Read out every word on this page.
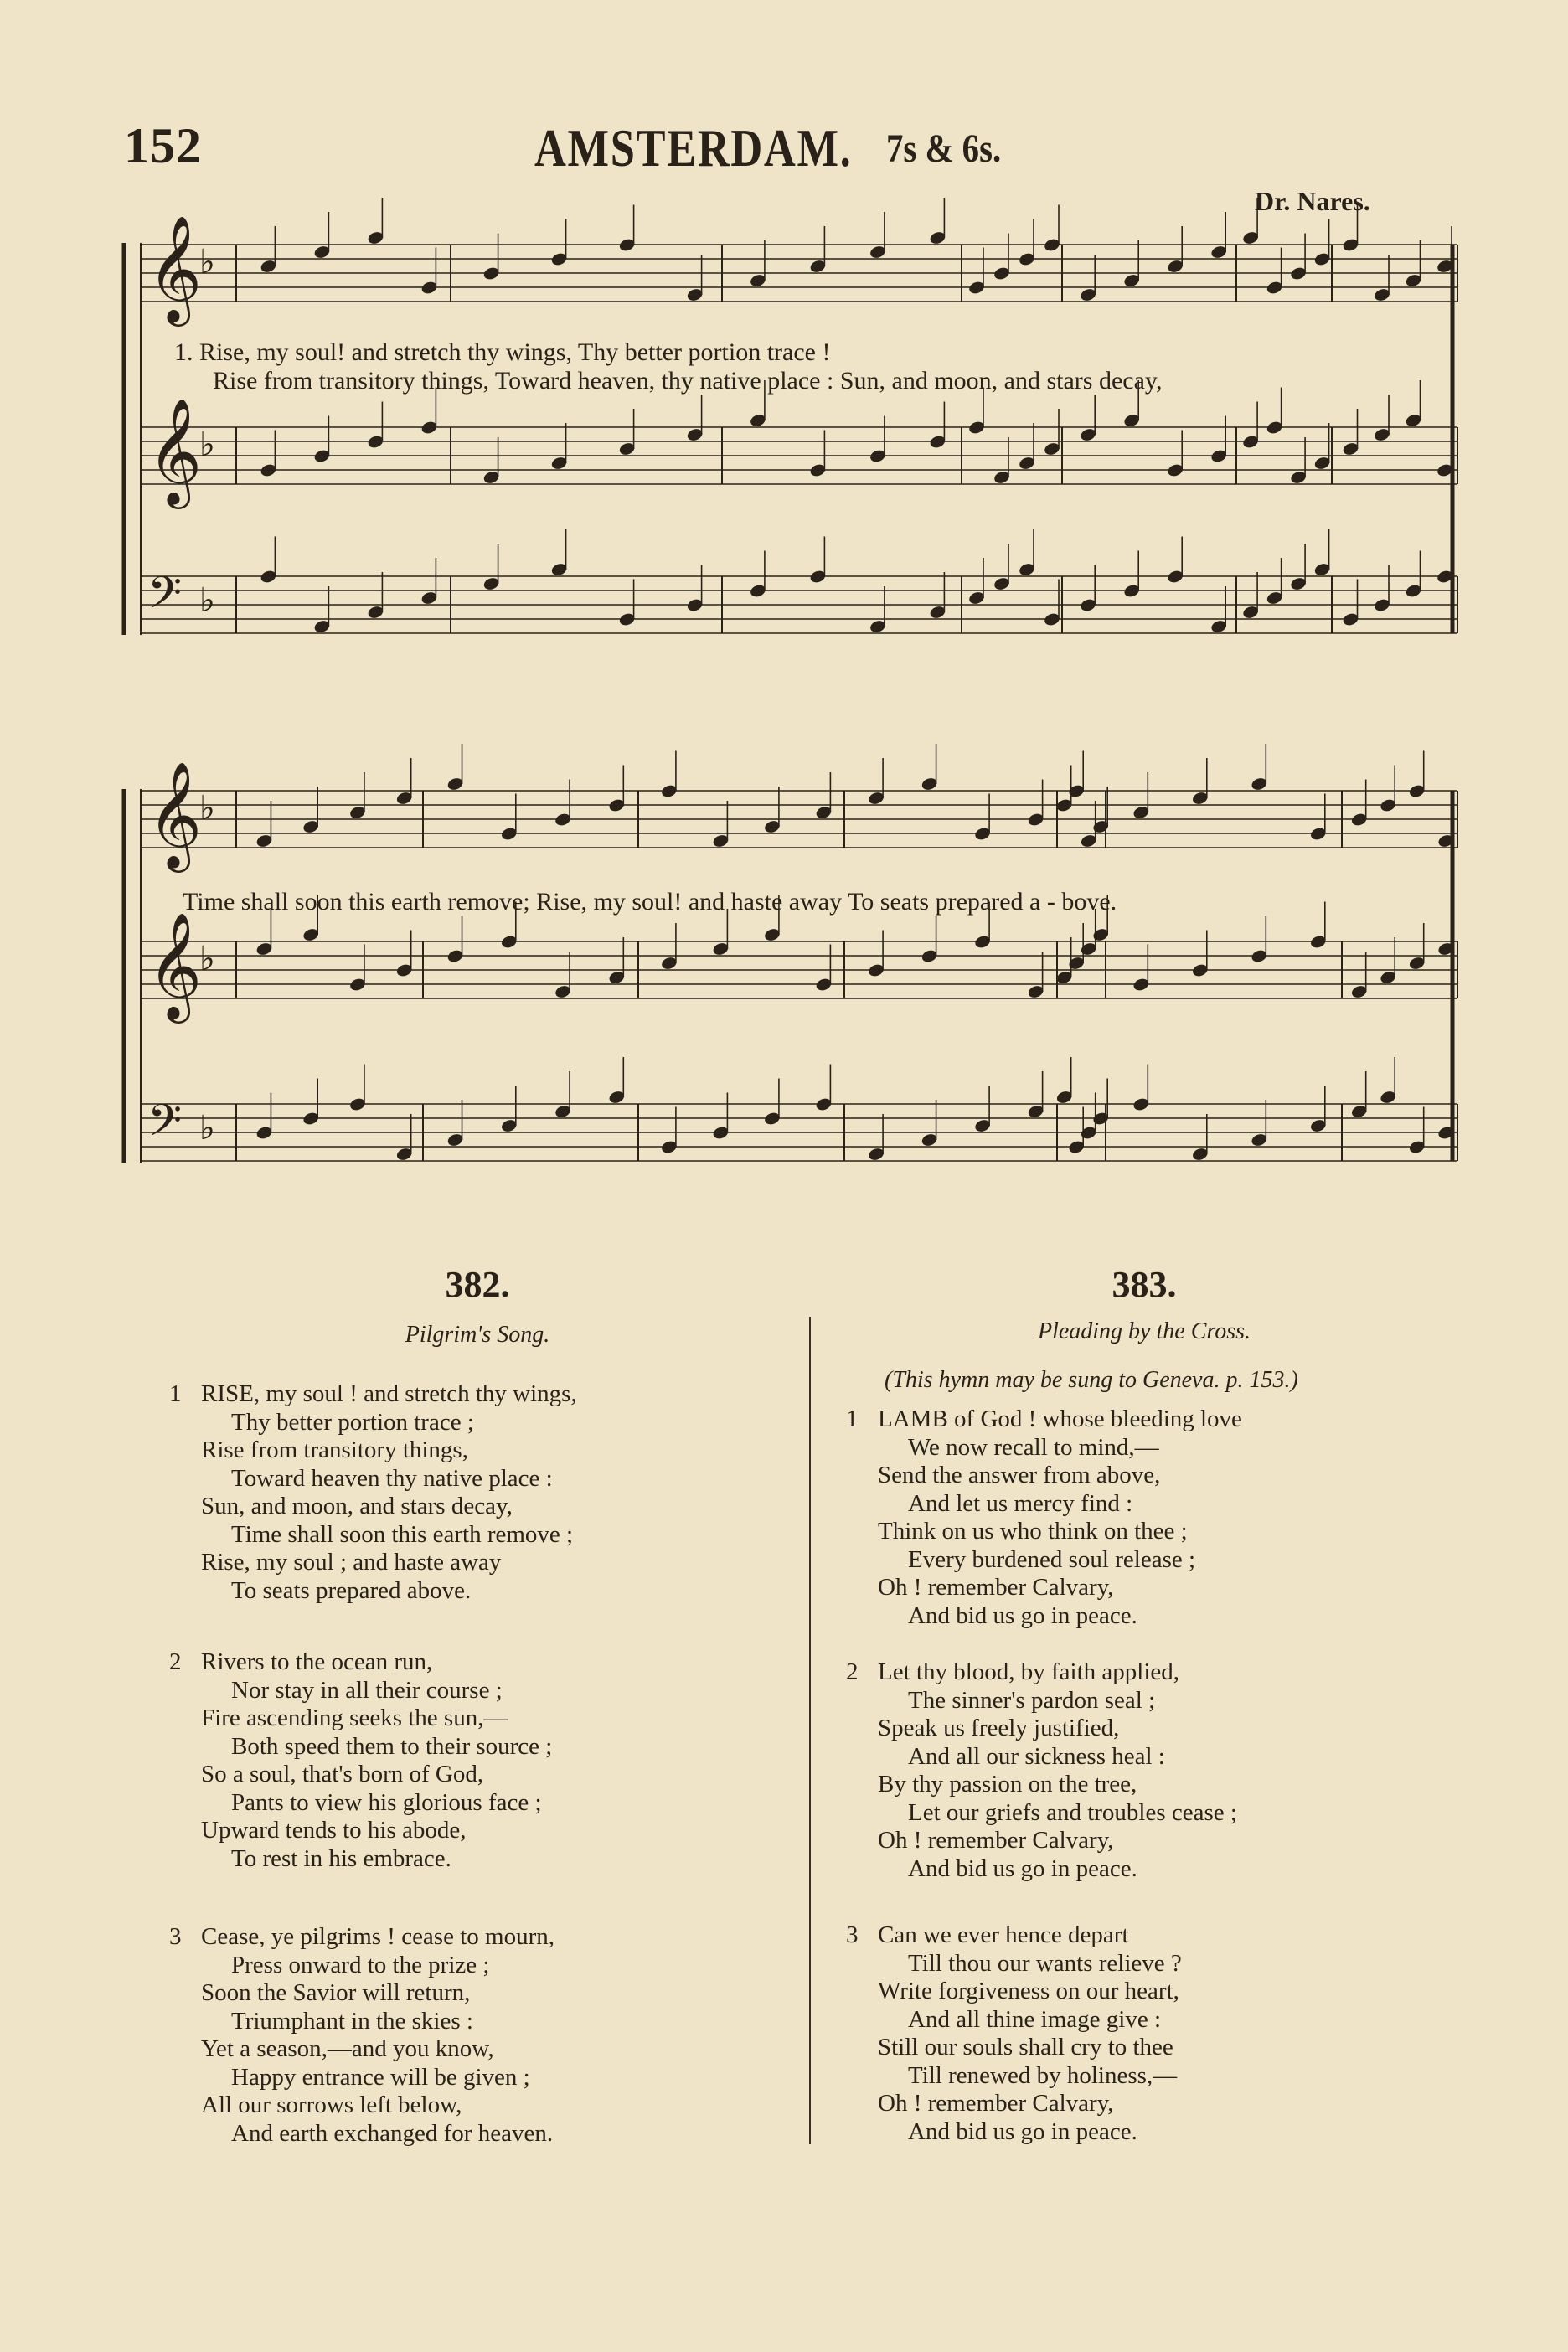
152	AMSTERDAM. 7s & 6s.
Dr. Nares.
𝄞
♭
𝄞
♭
𝄢 ♭
𝄞
♭
𝄞
♭
𝄢 ♭
1. Rise, my soul! and stretch thy wings, Thy better portion trace !
Rise from transitory things, Toward heaven, thy native place : Sun, and moon, and stars decay,
Time shall soon this earth remove; Rise, my soul! and haste away To seats prepared a - bove.
382.
Pilgrim's Song.
383.
Pleading by the Cross.
(This hymn may be sung to Geneva. p. 153.)
1 RISE, my soul ! and stretch thy wings,
Thy better portion trace ;
Rise from transitory things,
Toward heaven thy native place :
Sun, and moon, and stars decay,
Time shall soon this earth remove ;
Rise, my soul ; and haste away
To seats prepared above.
2 Rivers to the ocean run,
Nor stay in all their course ;
Fire ascending seeks the sun,—
Both speed them to their source ;
So a soul, that's born of God,
Pants to view his glorious face ;
Upward tends to his abode,
To rest in his embrace.
3 Cease, ye pilgrims ! cease to mourn,
Press onward to the prize ;
Soon the Savior will return,
Triumphant in the skies :
Yet a season,—and you know,
Happy entrance will be given ;
All our sorrows left below,
And earth exchanged for heaven.
1 LAMB of God ! whose bleeding love
We now recall to mind,—
Send the answer from above,
And let us mercy find :
Think on us who think on thee ;
Every burdened soul release ;
Oh ! remember Calvary,
And bid us go in peace.
2 Let thy blood, by faith applied,
The sinner's pardon seal ;
Speak us freely justified,
And all our sickness heal :
By thy passion on the tree,
Let our griefs and troubles cease ;
Oh ! remember Calvary,
And bid us go in peace.
3 Can we ever hence depart
Till thou our wants relieve ?
Write forgiveness on our heart,
And all thine image give :
Still our souls shall cry to thee
Till renewed by holiness,—
Oh ! remember Calvary,
And bid us go in peace.
